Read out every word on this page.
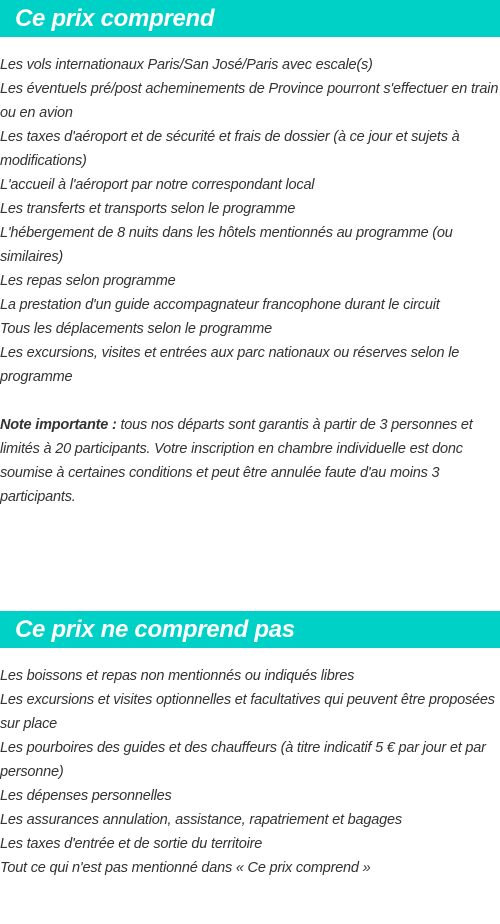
Ce prix comprend
Les vols internationaux Paris/San José/Paris avec escale(s)
Les éventuels pré/post acheminements de Province pourront s'effectuer en train ou en avion
Les taxes d'aéroport et de sécurité et frais de dossier (à ce jour et sujets à modifications)
L'accueil à l'aéroport par notre correspondant local
Les transferts et transports selon le programme
L'hébergement de 8 nuits dans les hôtels mentionnés au programme (ou similaires)
Les repas selon programme
La prestation d'un guide accompagnateur francophone durant le circuit
Tous les déplacements selon le programme
Les excursions, visites et entrées aux parc nationaux ou réserves selon le programme

Note importante : tous nos départs sont garantis à partir de 3 personnes et limités à 20 participants. Votre inscription en chambre individuelle est donc soumise à certaines conditions et peut être annulée faute d'au moins 3 participants.

Ce prix ne comprend pas
Les boissons et repas non mentionnés ou indiqués libres
Les excursions et visites optionnelles et facultatives qui peuvent être proposées sur place
Les pourboires des guides et des chauffeurs (à titre indicatif 5 € par jour et par personne)
Les dépenses personnelles
Les assurances annulation, assistance, rapatriement et bagages
Les taxes d'entrée et de sortie du territoire
Tout ce qui n'est pas mentionné dans « Ce prix comprend »
